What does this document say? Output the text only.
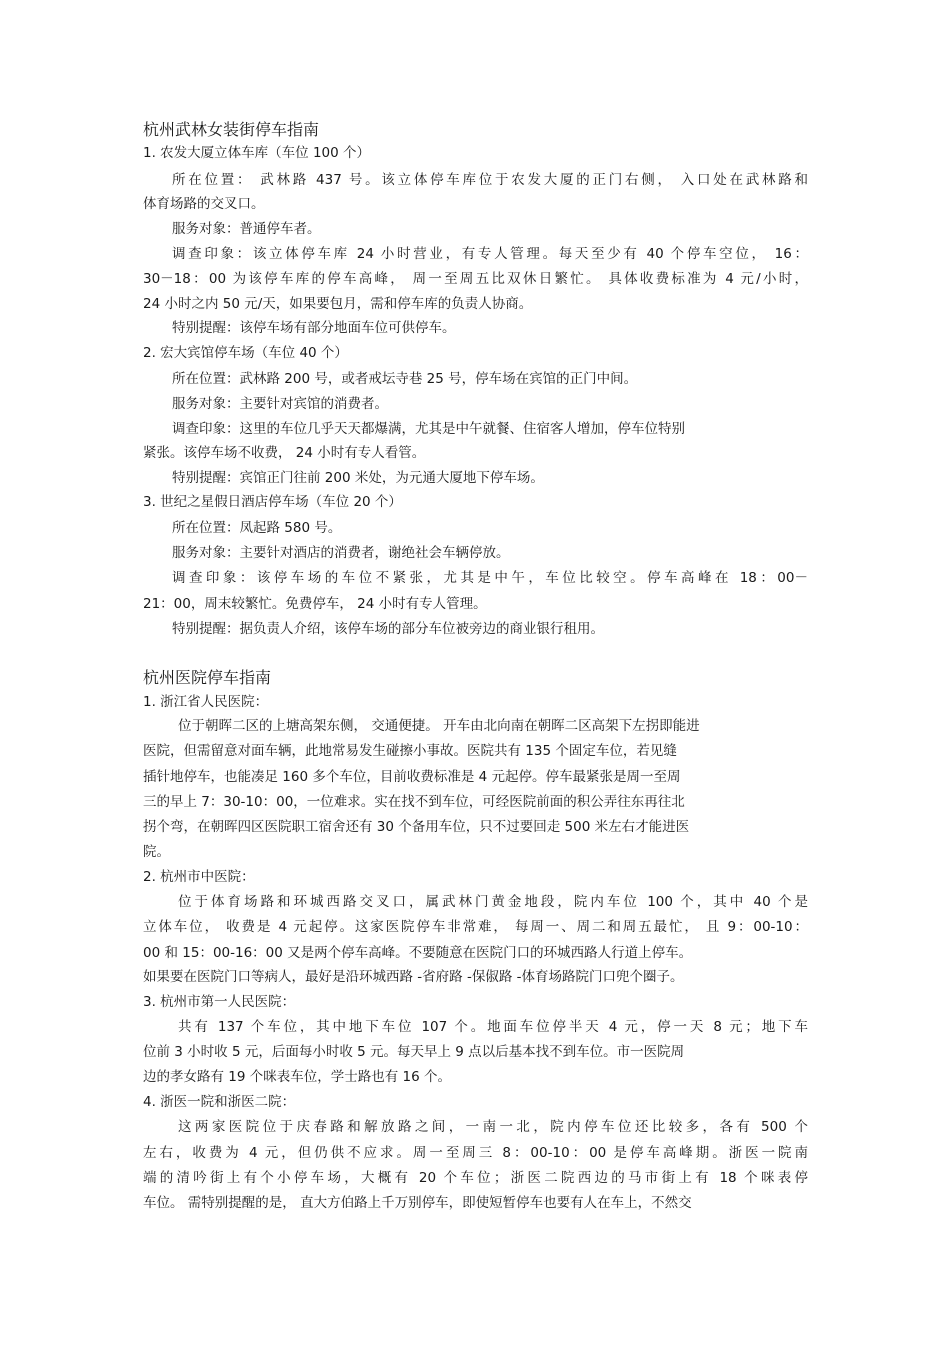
杭州武林女装街停车指南
1. 农发大厦立体车库（车位 100 个）
所在位置： 武林路 437 号。该立体停车库位于农发大厦的正门右侧， 入口处在武林路和
体育场路的交叉口。
服务对象：普通停车者。
调查印象：该立体停车库 24 小时营业，有专人管理。每天至少有 40 个停车空位， 16：
30－18：00 为该停车库的停车高峰， 周一至周五比双休日繁忙。 具体收费标准为 4 元/小时，
24 小时之内 50 元/天，如果要包月，需和停车库的负责人协商。
特别提醒：该停车场有部分地面车位可供停车。
2. 宏大宾馆停车场（车位 40 个）
所在位置：武林路 200 号，或者戒坛寺巷 25 号，停车场在宾馆的正门中间。
服务对象：主要针对宾馆的消费者。
调查印象：这里的车位几乎天天都爆满，尤其是中午就餐、住宿客人增加，停车位特别
紧张。该停车场不收费， 24 小时有专人看管。
特别提醒：宾馆正门往前 200 米处，为元通大厦地下停车场。
3. 世纪之星假日酒店停车场（车位 20 个）
所在位置：凤起路 580 号。
服务对象：主要针对酒店的消费者，谢绝社会车辆停放。
调查印象：该停车场的车位不紧张，尤其是中午，车位比较空。停车高峰在 18：00－
21：00，周末较繁忙。免费停车， 24 小时有专人管理。
特别提醒：据负责人介绍，该停车场的部分车位被旁边的商业银行租用。
杭州医院停车指南
1. 浙江省人民医院：
位于朝晖二区的上塘高架东侧， 交通便捷。 开车由北向南在朝晖二区高架下左拐即能进
医院，但需留意对面车辆，此地常易发生碰擦小事故。医院共有 135 个固定车位，若见缝
插针地停车，也能凑足 160 多个车位，目前收费标准是 4 元起停。停车最紧张是周一至周
三的早上 7：30-10：00，一位难求。实在找不到车位，可经医院前面的积公弄往东再往北
拐个弯，在朝晖四区医院职工宿舍还有 30 个备用车位，只不过要回走 500 米左右才能进医
院。
2. 杭州市中医院：
位于体育场路和环城西路交叉口，属武林门黄金地段，院内车位 100 个，其中 40 个是
立体车位， 收费是 4 元起停。这家医院停车非常难， 每周一、周二和周五最忙， 且 9：00-10：
00 和 15：00-16：00 又是两个停车高峰。不要随意在医院门口的环城西路人行道上停车。
如果要在医院门口等病人，最好是沿环城西路 -省府路 -保俶路 -体育场路院门口兜个圈子。
3. 杭州市第一人民医院：
共有 137 个车位，其中地下车位 107 个。地面车位停半天 4 元，停一天 8 元；地下车
位前 3 小时收 5 元，后面每小时收 5 元。每天早上 9 点以后基本找不到车位。市一医院周
边的孝女路有 19 个咪表车位，学士路也有 16 个。
4. 浙医一院和浙医二院：
这两家医院位于庆春路和解放路之间，一南一北，院内停车位还比较多，各有 500 个
左右，收费为 4 元，但仍供不应求。周一至周三 8：00-10：00 是停车高峰期。浙医一院南
端的清吟街上有个小停车场，大概有 20 个车位；浙医二院西边的马市街上有 18 个咪表停
车位。 需特别提醒的是， 直大方伯路上千万别停车，即使短暂停车也要有人在车上，不然交
